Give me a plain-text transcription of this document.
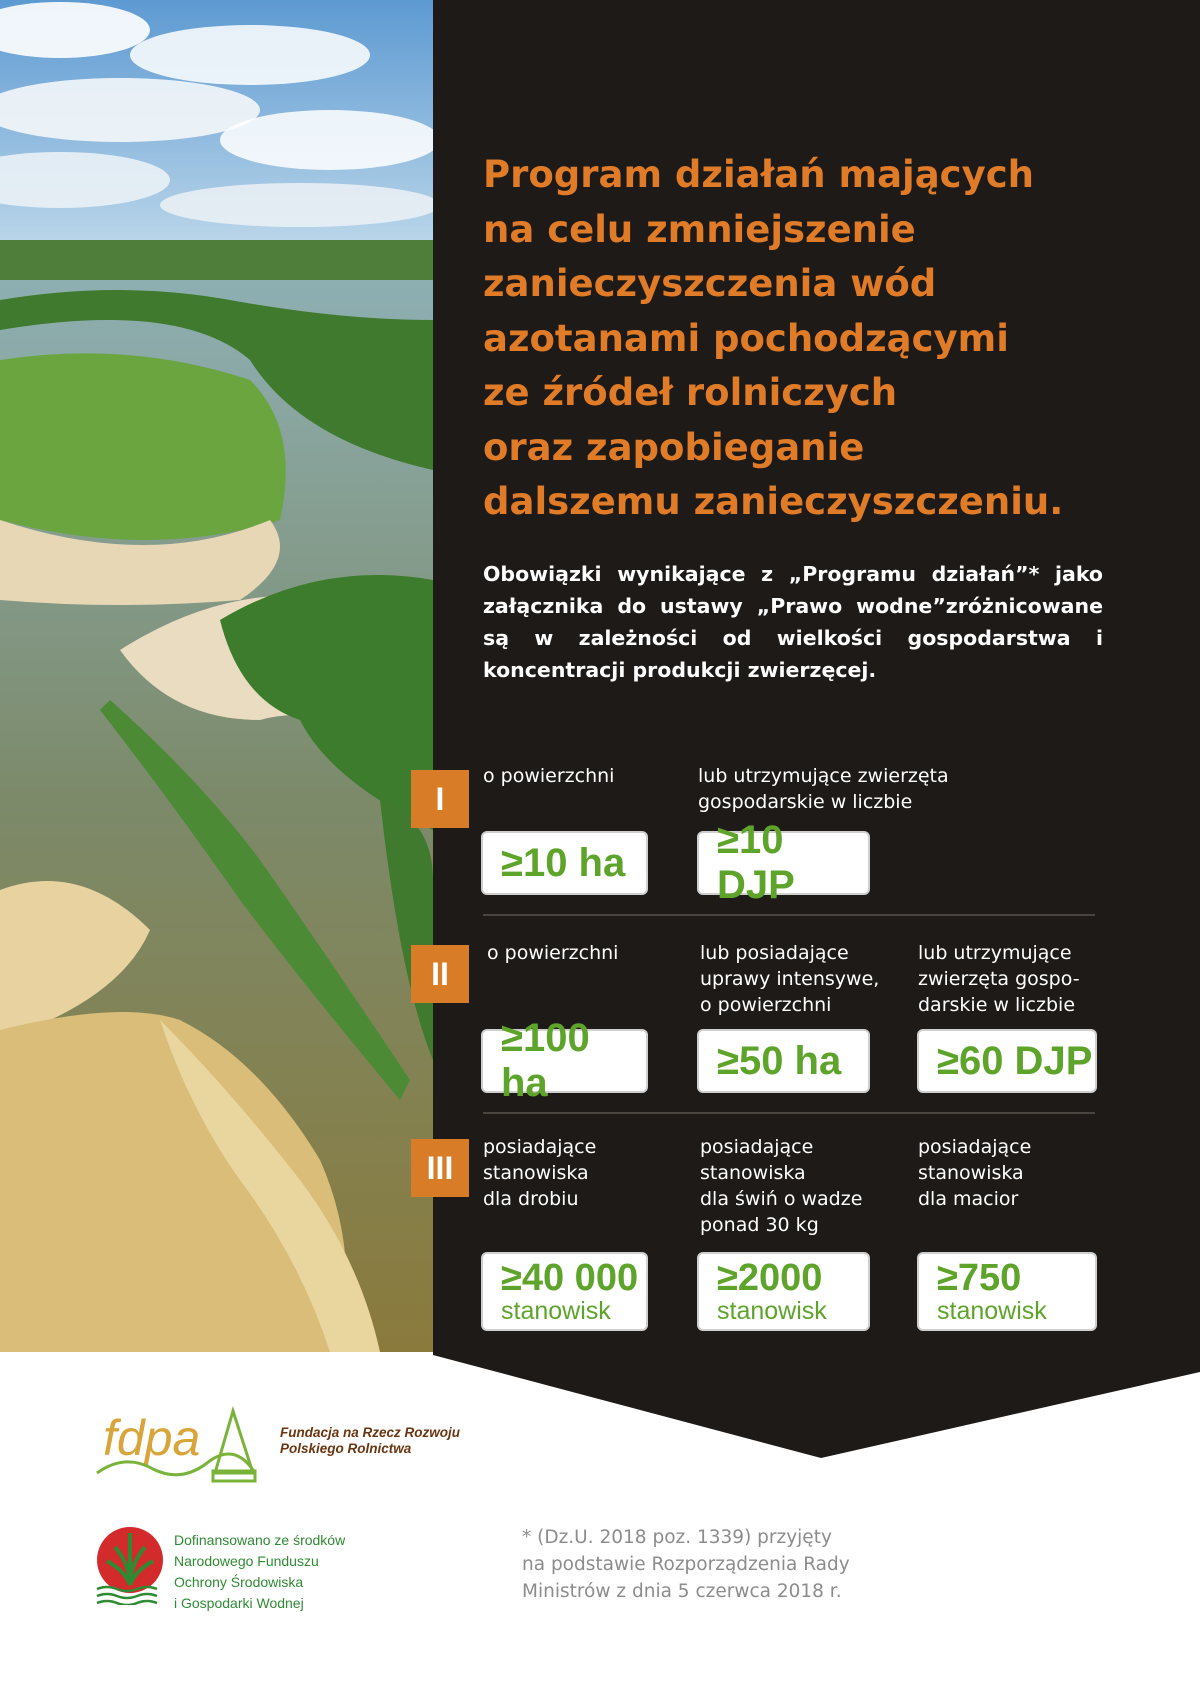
Program działań mających
na celu zmniejszenie
zanieczyszczenia wód
azotanami pochodzącymi
ze źródeł rolniczych
oraz zapobieganie
dalszemu zanieczyszczeniu.

Obowiązki wynikające z „Programu działań”* jako załącznika do ustawy „Prawo wodne”zróżnicowane są w zależności od wielkości gospodarstwa i koncentracji produkcji zwierzęcej.

I

o powierzchni

≥10 ha

lub utrzymujące zwierzęta
gospodarskie w liczbie

≥10 DJP
II

o powierzchni

≥100 ha

lub posiadające
uprawy intensywe,
o powierzchni

≥50 ha

lub utrzymujące
zwierzęta gospo-
darskie w liczbie

≥60 DJP
III

posiadające
stanowiska
dla drobiu

≥40 000
stanowisk

posiadające
stanowiska
dla świń o wadze
ponad 30 kg

≥2000
stanowisk

posiadające
stanowiska
dla macior

≥750
stanowisk
fdpa	Fundacja na Rzecz Rozwoju
Polskiego Rolnictwa

Dofinansowano ze środków
Narodowego Funduszu
Ochrony Środowiska
i Gospodarki Wodnej

* (Dz.U. 2018 poz. 1339) przyjęty
na podstawie Rozporządzenia Rady
Ministrów z dnia 5 czerwca 2018 r.
